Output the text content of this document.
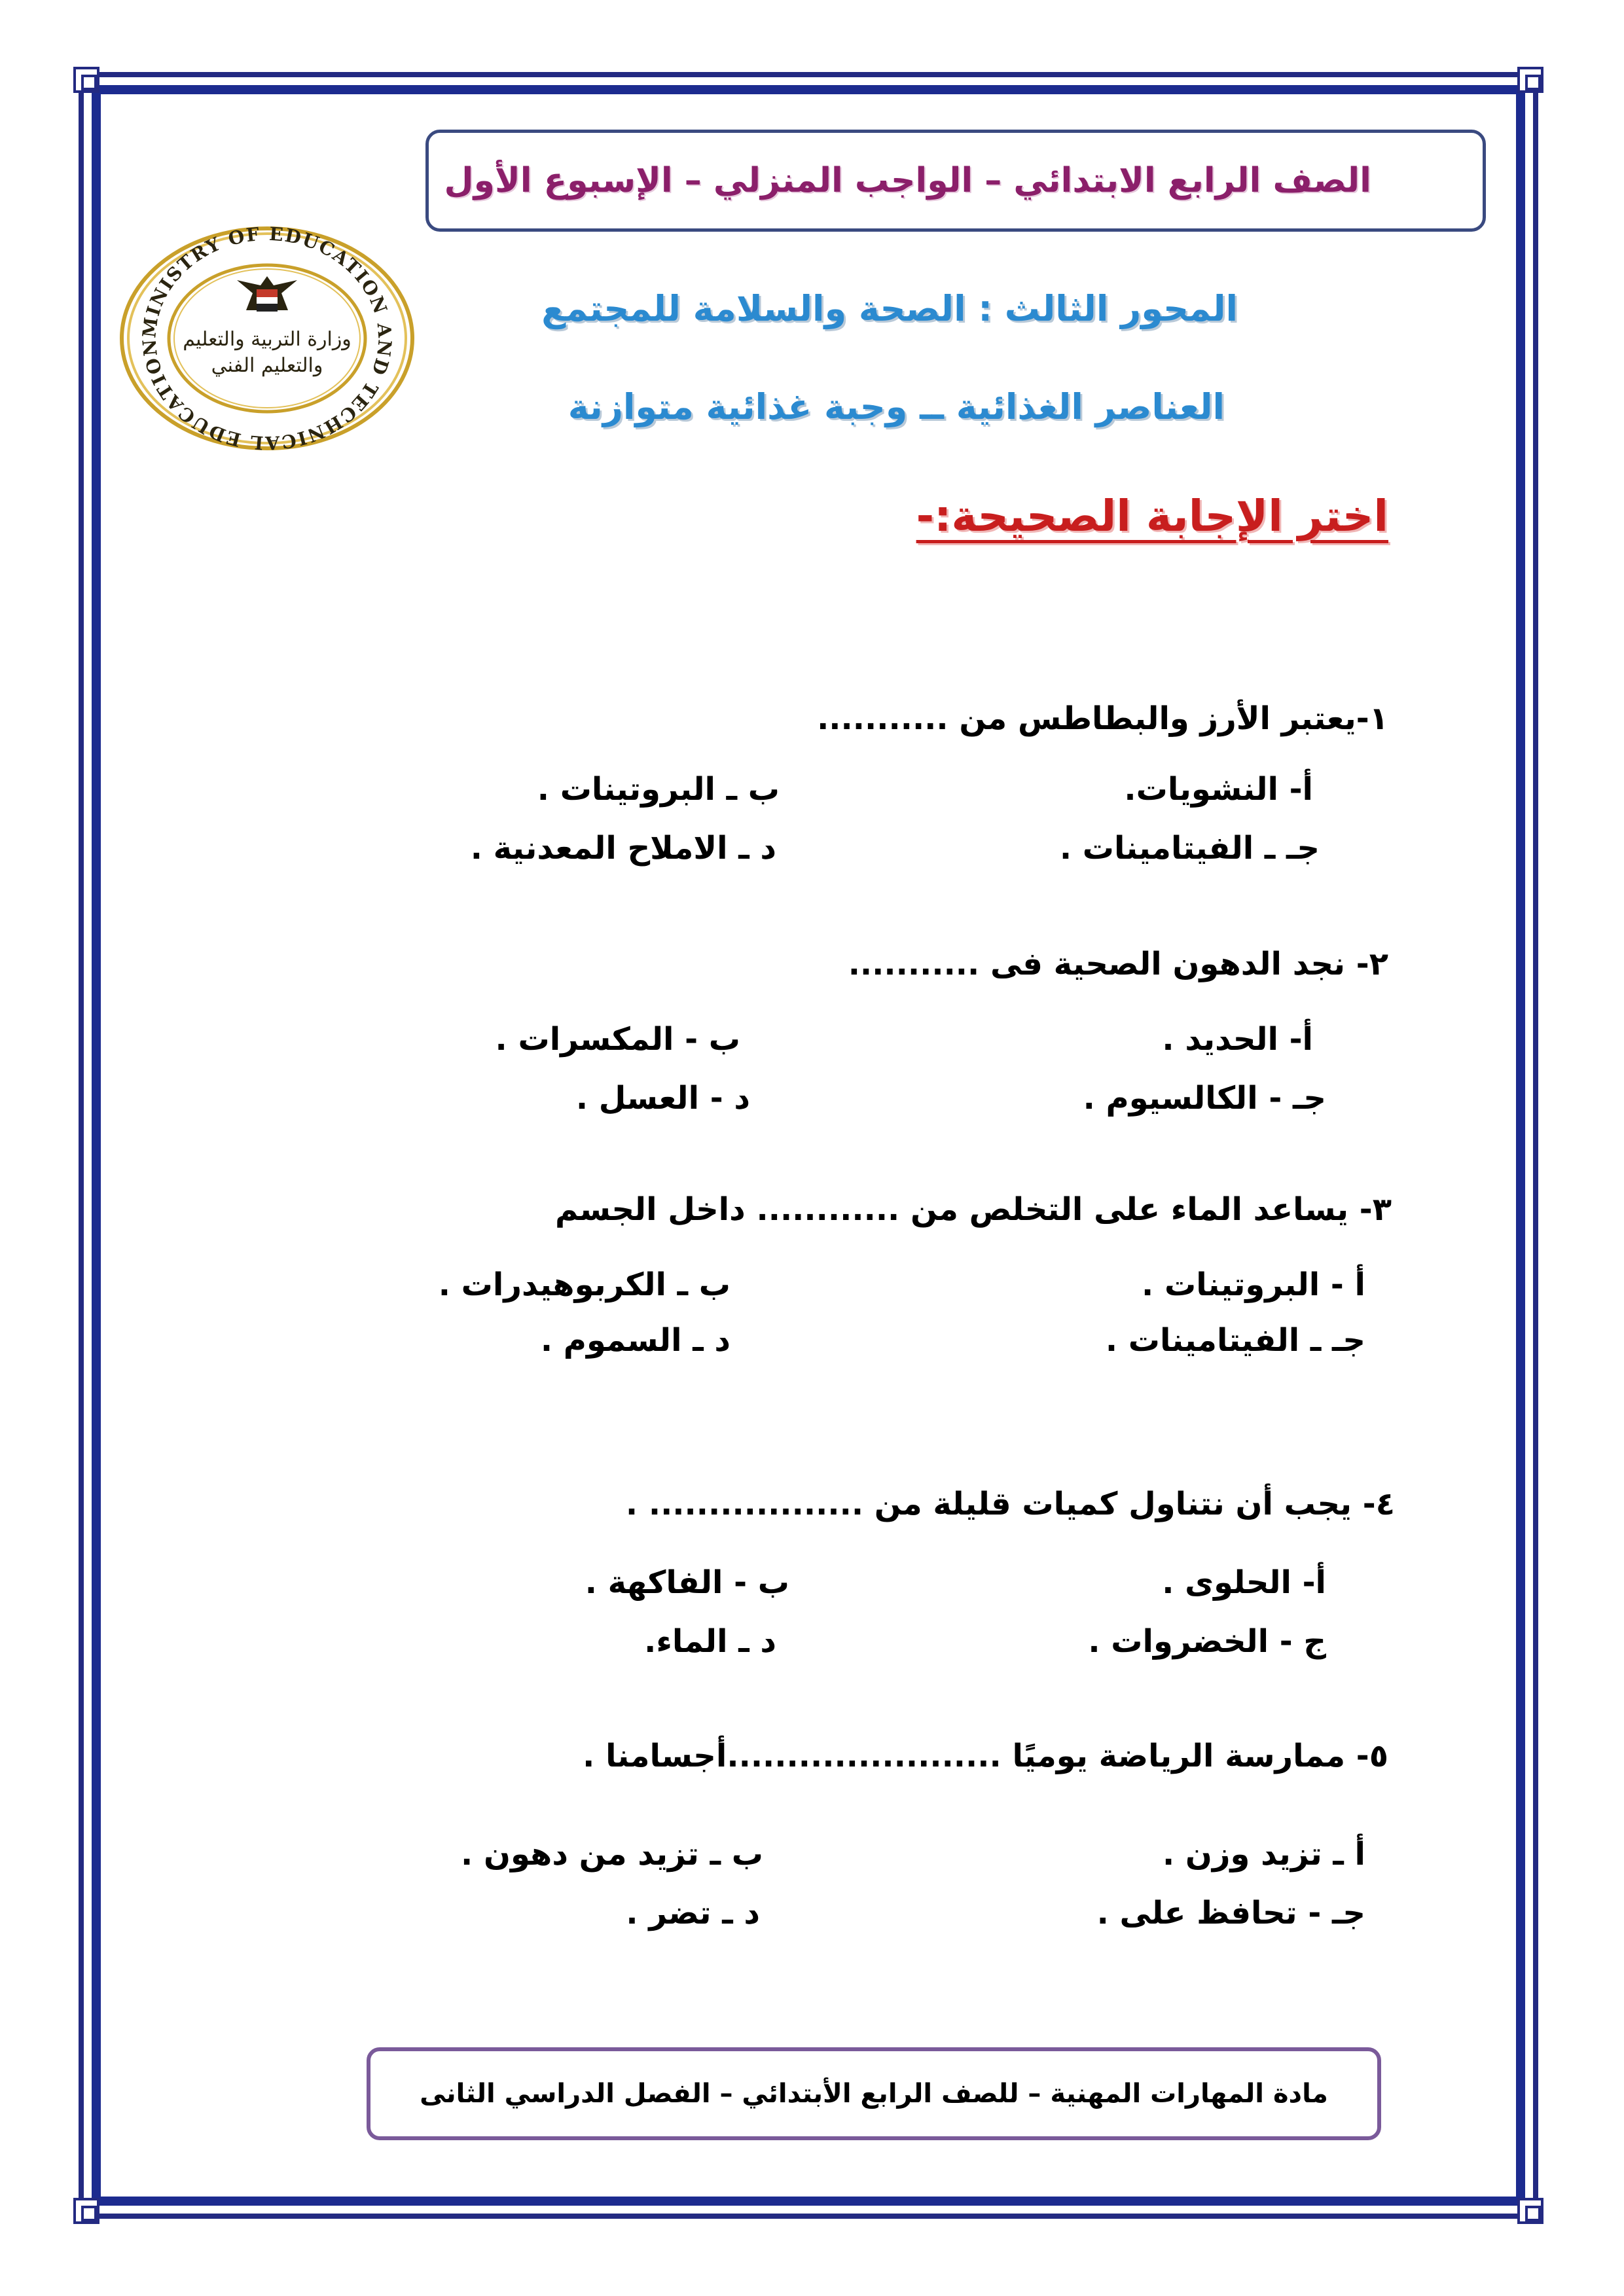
الصف الرابع الابتدائي – الواجب المنزلي – الإسبوع الأول
MINISTRY OF EDUCATION AND TECHNICAL EDUCATION	وزارة التربية والتعليم
والتعليم الفني
المحور الثالث : الصحة والسلامة للمجتمع
العناصر الغذائية ــ وجبة غذائية متوازنة
اختر الإجابة الصحيحة:-
١-يعتبر الأرز والبطاطس من ...........
أ- النشويات.
ب ـ البروتينات .
جـ ـ الفيتامينات .
د ـ الاملاح المعدنية .
٢- نجد الدهون الصحية فى ...........
أ- الحديد .
ب - المكسرات .
جـ - الكالسيوم .
د - العسل .
٣- يساعد الماء على التخلص من ............ داخل الجسم
أ - البروتينات .
ب ـ الكربوهيدرات .
جـ ـ الفيتامينات .
د ـ السموم .
٤- يجب أن نتناول كميات قليلة من .................. .
أ- الحلوى .
ب - الفاكهة .
ج - الخضروات .
د ـ الماء.
٥- ممارسة الرياضة يوميًا .......................أجسامنا .
أ ـ تزيد وزن .
ب ـ تزيد من دهون .
جـ - تحافظ على .
د ـ تضر .
مادة المهارات المهنية – للصف الرابع الأبتدائي – الفصل الدراسي الثانى
